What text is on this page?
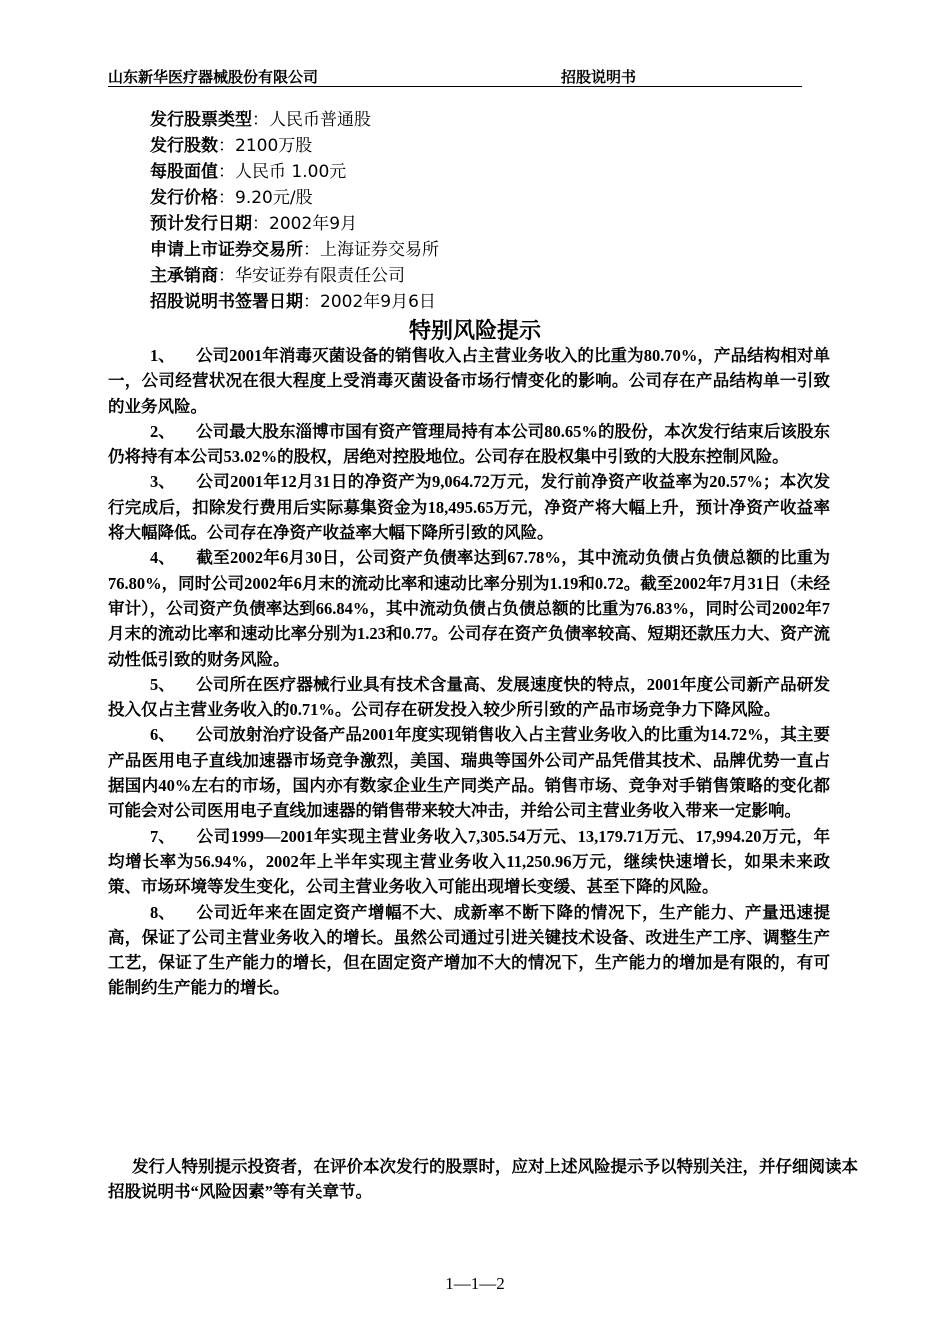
山东新华医疗器械股份有限公司	招股说明书
发行股票类型：人民币普通股
发行股数：2100万股
每股面值：人民币 1.00元
发行价格：9.20元/股
预计发行日期：2002年9月
申请上市证券交易所：上海证券交易所
主承销商：华安证券有限责任公司
招股说明书签署日期：2002年9月6日
特别风险提示

1、 公司2001年消毒灭菌设备的销售收入占主营业务收入的比重为80.70%，产品结构相对单一，公司经营状况在很大程度上受消毒灭菌设备市场行情变化的影响。公司存在产品结构单一引致的业务风险。

2、 公司最大股东淄博市国有资产管理局持有本公司80.65%的股份，本次发行结束后该股东仍将持有本公司53.02%的股权，居绝对控股地位。公司存在股权集中引致的大股东控制风险。

3、 公司2001年12月31日的净资产为9,064.72万元，发行前净资产收益率为20.57%；本次发行完成后，扣除发行费用后实际募集资金为18,495.65万元，净资产将大幅上升，预计净资产收益率将大幅降低。公司存在净资产收益率大幅下降所引致的风险。

4、 截至2002年6月30日，公司资产负债率达到67.78%，其中流动负债占负债总额的比重为76.80%，同时公司2002年6月末的流动比率和速动比率分别为1.19和0.72。截至2002年7月31日（未经审计），公司资产负债率达到66.84%，其中流动负债占负债总额的比重为76.83%，同时公司2002年7月末的流动比率和速动比率分别为1.23和0.77。公司存在资产负债率较高、短期还款压力大、资产流动性低引致的财务风险。

5、 公司所在医疗器械行业具有技术含量高、发展速度快的特点，2001年度公司新产品研发投入仅占主营业务收入的0.71%。公司存在研发投入较少所引致的产品市场竞争力下降风险。

6、 公司放射治疗设备产品2001年度实现销售收入占主营业务收入的比重为14.72%，其主要产品医用电子直线加速器市场竞争激烈，美国、瑞典等国外公司产品凭借其技术、品牌优势一直占据国内40%左右的市场，国内亦有数家企业生产同类产品。销售市场、竞争对手销售策略的变化都可能会对公司医用电子直线加速器的销售带来较大冲击，并给公司主营业务收入带来一定影响。

7、 公司1999—2001年实现主营业务收入7,305.54万元、13,179.71万元、17,994.20万元，年均增长率为56.94%，2002年上半年实现主营业务收入11,250.96万元，继续快速增长，如果未来政策、市场环境等发生变化，公司主营业务收入可能出现增长变缓、甚至下降的风险。

8、 公司近年来在固定资产增幅不大、成新率不断下降的情况下，生产能力、产量迅速提高，保证了公司主营业务收入的增长。虽然公司通过引进关键技术设备、改进生产工序、调整生产工艺，保证了生产能力的增长，但在固定资产增加不大的情况下，生产能力的增加是有限的，有可能制约生产能力的增长。

发行人特别提示投资者，在评价本次发行的股票时，应对上述风险提示予以特别关注，并仔细阅读本招股说明书“风险因素”等有关章节。
1—1—2
